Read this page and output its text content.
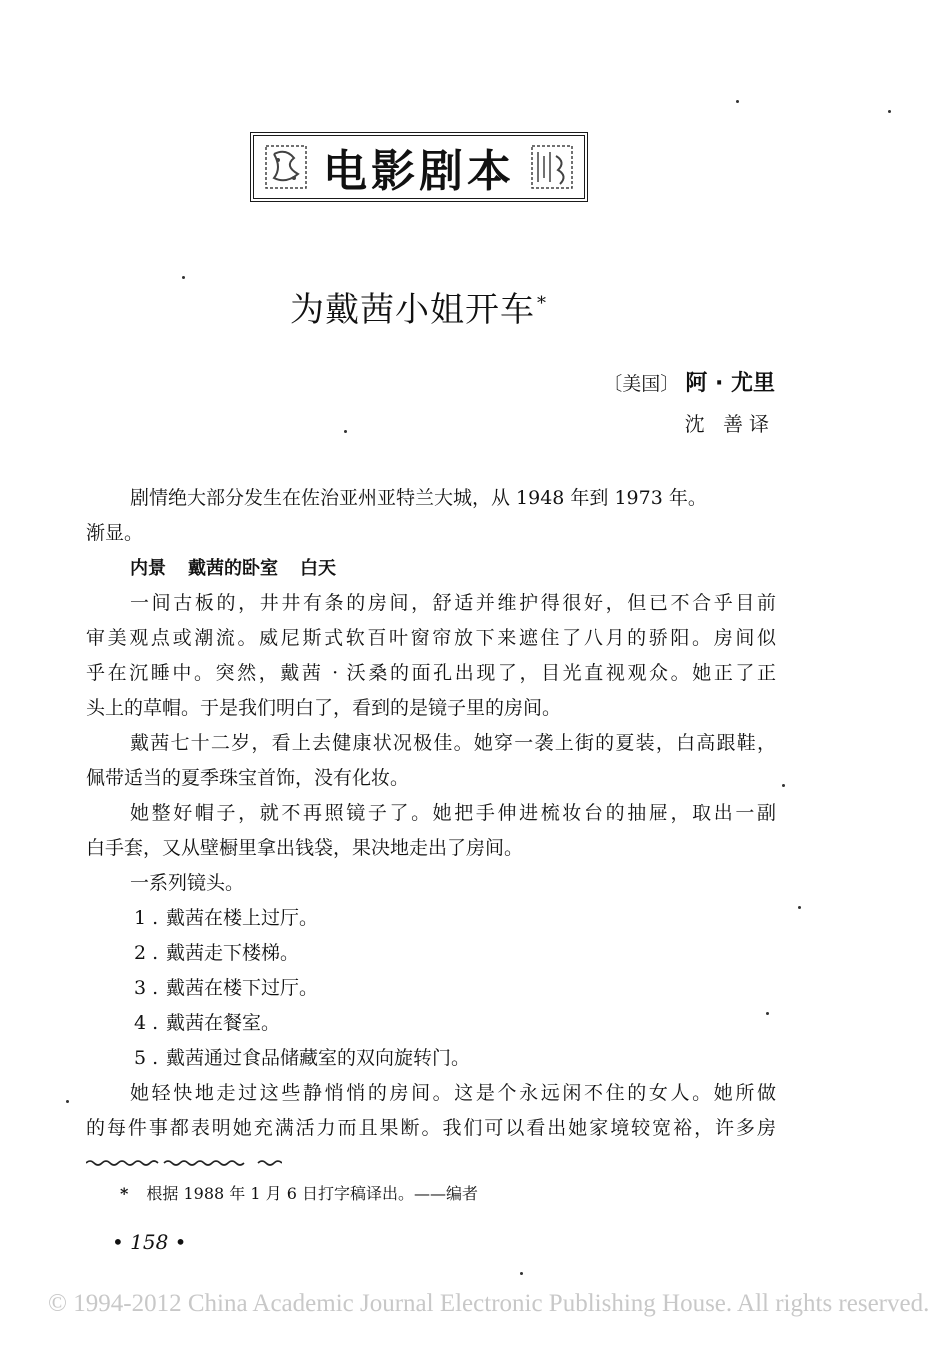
电影剧本
为戴茜小姐开车 *
〔美国〕 阿 · 尤里
沈 善译
剧情绝大部分发生在佐治亚州亚特兰大城，从 1948 年到 1973 年。
渐显。
内景 戴茜的卧室 白天
一间古板的，井井有条的房间，舒适并维护得很好，但已不合乎目前
审美观点或潮流。威尼斯式软百叶窗帘放下来遮住了八月的骄阳。房间似
乎在沉睡中。突然，戴茜 · 沃桑的面孔出现了，目光直视观众。她正了正
头上的草帽。于是我们明白了，看到的是镜子里的房间。
戴茜七十二岁，看上去健康状况极佳。她穿一袭上街的夏装，白高跟鞋，
佩带适当的夏季珠宝首饰，没有化妆。
她整好帽子，就不再照镜子了。她把手伸进梳妆台的抽屉，取出一副
白手套，又从壁橱里拿出钱袋，果决地走出了房间。
一系列镜头。
1 . 戴茜在楼上过厅。
2 . 戴茜走下楼梯。
3 . 戴茜在楼下过厅。
4 . 戴茜在餐室。
5 . 戴茜通过食品储藏室的双向旋转门。
她轻快地走过这些静悄悄的房间。这是个永远闲不住的女人。她所做
的每件事都表明她充满活力而且果断。我们可以看出她家境较宽裕，许多房
* 根据 1988 年 1 月 6 日打字稿译出。——编者
• 158 •
© 1994-2012 China Academic Journal Electronic Publishing House. All rights reserved.
